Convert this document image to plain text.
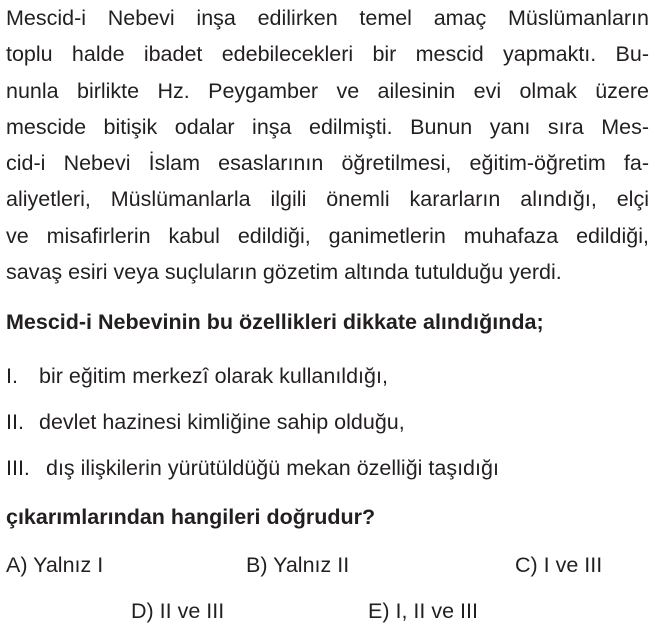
Mescid-i Nebevi inşa edilirken temel amaç Müslümanların
toplu halde ibadet edebilecekleri bir mescid yapmaktı. Bu-
nunla birlikte Hz. Peygamber ve ailesinin evi olmak üzere
mescide bitişik odalar inşa edilmişti. Bunun yanı sıra Mes-
cid-i Nebevi İslam esaslarının öğretilmesi, eğitim-öğretim fa-
aliyetleri, Müslümanlarla ilgili önemli kararların alındığı, elçi
ve misafirlerin kabul edildiği, ganimetlerin muhafaza edildiği,
savaş esiri veya suçluların gözetim altında tutulduğu yerdi.

Mescid-i Nebevinin bu özellikleri dikkate alındığında;

I. bir eğitim merkezî olarak kullanıldığı,
II. devlet hazinesi kimliğine sahip olduğu,
III. dış ilişkilerin yürütüldüğü mekan özelliği taşıdığı

çıkarımlarından hangileri doğrudur?

A) Yalnız I	B) Yalnız II	C) I ve III
D) II ve III	E) I, II ve III
